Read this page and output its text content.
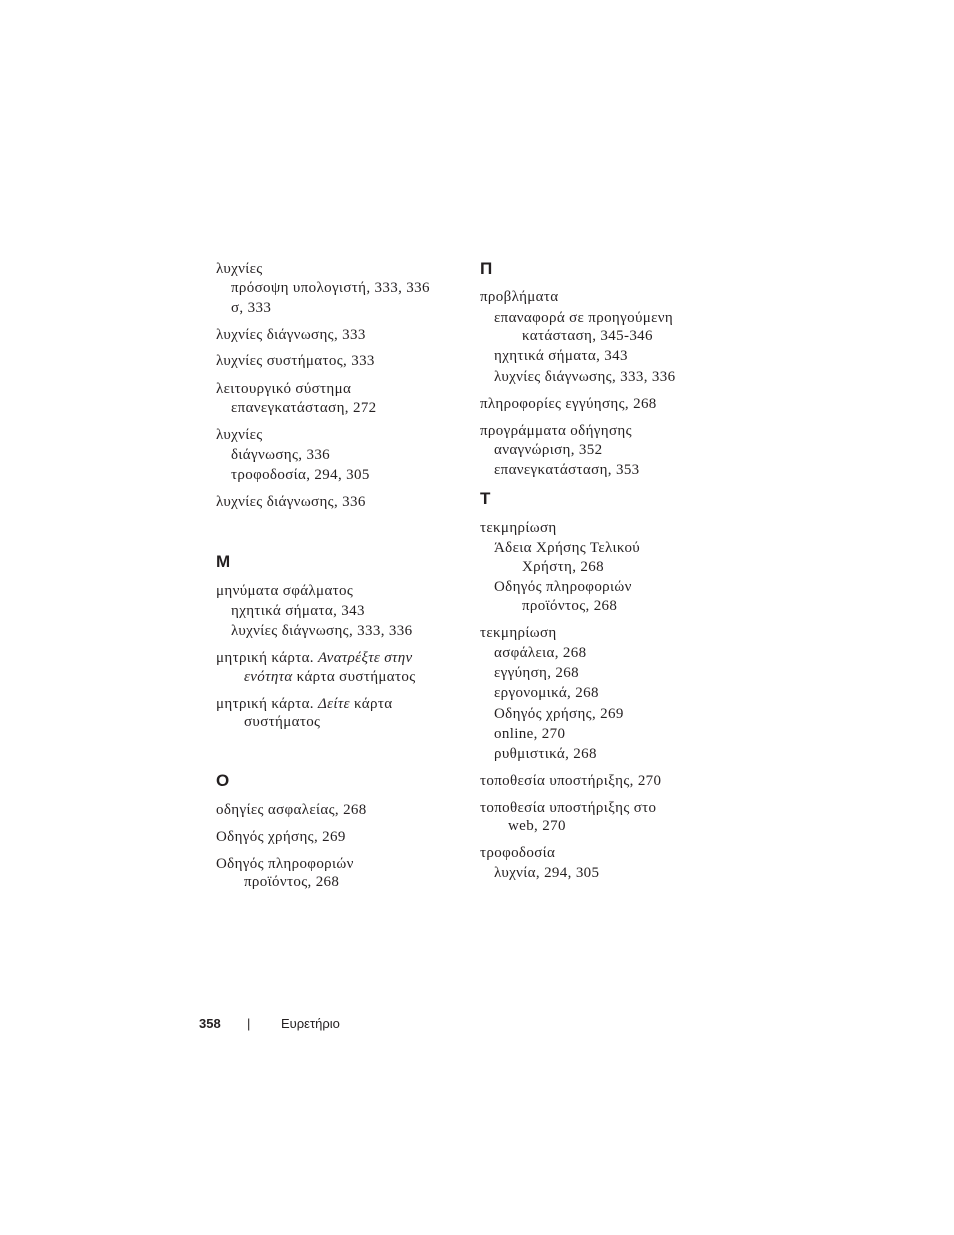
λυχνίες
πρόσοψη υπολογιστή, 333, 336
σ, 333
λυχνίες διάγνωσης, 333
λυχνίες συστήματος, 333
λειτουργικό σύστημα
επανεγκατάσταση, 272
λυχνίες
διάγνωσης, 336
τροφοδοσία, 294, 305
λυχνίες διάγνωσης, 336
M
μηνύματα σφάλματος
ηχητικά σήματα, 343
λυχνίες διάγνωσης, 333, 336
μητρική κάρτα. Ανατρέξτε στην
ενότητα κάρτα συστήματος
μητρική κάρτα. Δείτε κάρτα
συστήματος
O
οδηγίες ασφαλείας, 268
Οδηγός χρήσης, 269
Οδηγός πληροφοριών
προϊόντος, 268
Π
προβλήματα
επαναφορά σε προηγούμενη
κατάσταση, 345-346
ηχητικά σήματα, 343
λυχνίες διάγνωσης, 333, 336
πληροφορίες εγγύησης, 268
προγράμματα οδήγησης
αναγνώριση, 352
επανεγκατάσταση, 353
T
τεκμηρίωση
Άδεια Χρήσης Τελικού
Χρήστη, 268
Οδηγός πληροφοριών
προϊόντος, 268
τεκμηρίωση
ασφάλεια, 268
εγγύηση, 268
εργονομικά, 268
Οδηγός χρήσης, 269
online, 270
ρυθμιστικά, 268
τοποθεσία υποστήριξης, 270
τοποθεσία υποστήριξης στο
web, 270
τροφοδοσία
λυχνία, 294, 305
358 | Ευρετήριο
